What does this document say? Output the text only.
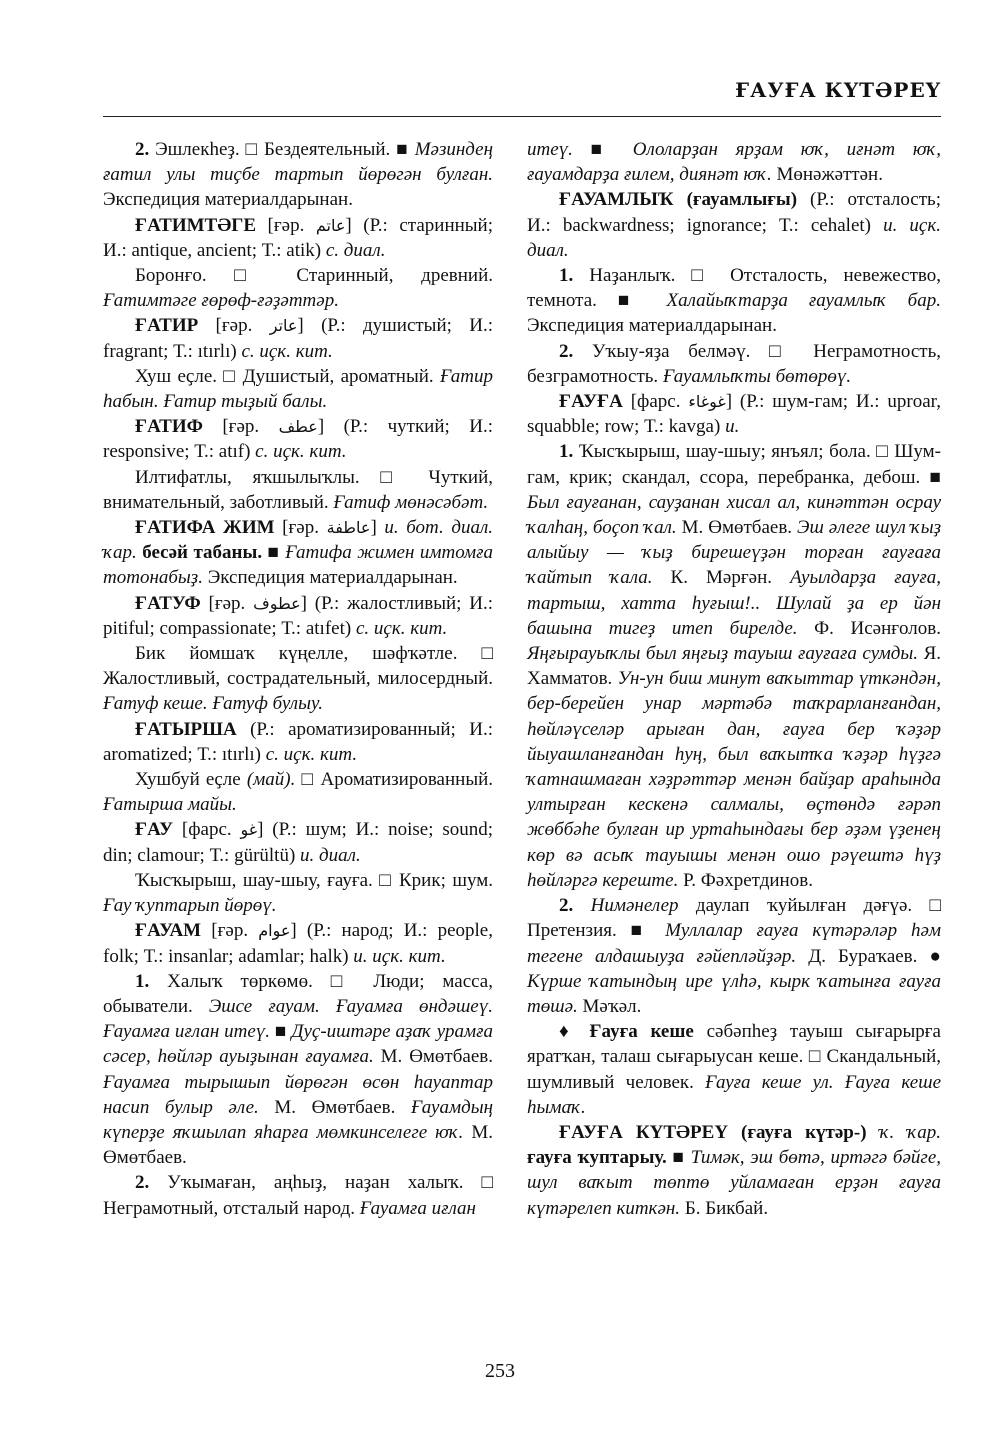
ҒАУҒА КҮТӘРЕҮ

2. Эшлекһеҙ. □ Бездеятельный. ■ Мәзиндең ғатил улы тиҫбе тартып йөрөгән булған. Экспедиция материалдарынан.

ҒАТИМТӘГЕ [ғәр. عاتم] (Р.: старинный; И.: antique, ancient; Т.: atik) с. диал.

Боронғо. □ Старинный, древний. Ғатимтәге ғөрөф-ғәҙәттәр.

ҒАТИР [ғәр. عاتر] (Р.: душистый; И.: fragrant; Т.: ıtırlı) с. иҫк. кит.

Хуш еҫле. □ Душистый, ароматный. Ғатир һабын. Ғатир тыҙый балы.

ҒАТИФ [ғәр. عطف] (Р.: чуткий; И.: responsive; Т.: atıf) с. иҫк. кит.

Илтифатлы, яҡшылыҡлы. □ Чуткий, внимательный, заботливый. Ғатиф мөнәсәбәт.

ҒАТИФА ЖИМ [ғәр. عاطفة] и. бот. диал. ҡар. бесәй табаны. ■ Ғатифа жимен имтомға тотонабыҙ. Экспедиция материалдарынан.

ҒАТУФ [ғәр. عطوف] (Р.: жалостливый; И.: pitiful; compassionate; Т.: atıfet) с. иҫк. кит.

Бик йомшаҡ күңелле, шәфҡәтле. □ Жалостливый, сострадательный, милосердный. Ғатуф кеше. Ғатуф булыу.

ҒАТЫРША (Р.: ароматизированный; И.: aromatized; Т.: ıtırlı) с. иҫк. кит.

Хушбуй еҫле (май). □ Ароматизированный. Ғатырша майы.

ҒАУ [фарс. غو] (Р.: шум; И.: noise; sound; din; clamour; Т.: gürültü) и. диал.

Ҡысҡырыш, шау-шыу, ғауға. □ Крик; шум. Ғау ҡуптарып йөрөү.

ҒАУАМ [ғәр. عوام] (Р.: народ; И.: people, folk; Т.: insanlar; adamlar; halk) и. иҫк. кит.

1. Халыҡ төркөмө. □ Люди; масса, обыватели. Эшсе ғауам. Ғауамға өндәшеү. Ғауамға иғлан итеү. ■ Дуҫ-иштәре аҙаҡ урамға сәсер, һөйләр ауыҙынан ғауамға. М. Өмөтбаев. Ғауамға тырышып йөрөгән өсөн һауаптар насип булыр әле. М. Өмөтбаев. Ғауамдың күперҙе яҡшылап яһарға мөмкинселеге юҡ. М. Өмөтбаев.

2. Уҡымаған, аңһыҙ, наҙан халыҡ. □ Неграмотный, отсталый народ. Ғауамға иғлан

итеү. ■ Ололарҙан ярҙам юҡ, иғнәт юҡ, ғауамдарҙа ғилем, диянәт юҡ. Мөнәжәттән.

ҒАУАМЛЫҠ (ғауамлығы) (Р.: отсталость; И.: backwardness; ignorance; Т.: cehalet) и. иҫк. диал.

1. Наҙанлыҡ. □ Отсталость, невежество, темнота. ■ Халайыҡтарҙа ғауамлыҡ бар. Экспедиция материалдарынан.

2. Уҡыу-яҙа белмәү. □ Неграмотность, безграмотность. Ғауамлыҡты бөтөрөү.

ҒАУҒА [фарс. غوغاء] (Р.: шум-гам; И.: uproar, squabble; row; Т.: kavga) и.

1. Ҡысҡырыш, шау-шыу; янъял; бола. □ Шум-гам, крик; скандал, ссора, перебранка, дебош. ■ Был ғауғанан, сауҙанан хисал ал, кинәттән осрау ҡалһаң, боҫоп ҡал. М. Өмөтбаев. Эш әлеге шул ҡыҙ алыйыу — ҡыҙ бирешеүҙән торған ғауғаға ҡайтып ҡала. К. Мәрғән. Ауылдарҙа ғауға, тартыш, хатта һуғыш!.. Шулай ҙа ер йән башына тигеҙ итеп бирелде. Ф. Исәнғолов. Яңғырауыҡлы был яңғыҙ тауыш ғауғаға сумды. Я. Хамматов. Ун-ун биш минут ваҡыттар үткәндән, бер-берейен унар мәртәбә таҡрарланғандан, һөйләүселәр арыған дан, ғауға бер ҡәҙәр йыуашланғандан һуң, был ваҡытҡа ҡәҙәр һүҙгә ҡатнашмаған хәҙрәттәр менән байҙар араһында ултырған кескенә салмалы, өҫтөндә ғәрәп жөббәһе булған ир уртаһындағы бер әҙәм үҙенең көр вә асыҡ тауышы менән ошо рәүештә һүҙ һөйләргә кереште. Р. Фәхретдинов.

2. Нимәнелер даулап ҡуйылған дәғүә. □ Претензия. ■ Муллалар ғауға күтәрәләр һәм тегене алдашыуҙа ғәйепләйҙәр. Д. Бураҡаев. ● Күрше ҡатындың ире үлһә, кырк ҡатынға ғауға төшә. Мәҡәл.

♦ Ғауға кеше сәбәпһеҙ тауыш сығарырға яратҡан, талаш сығарыусан кеше. □ Скандальный, шумливый человек. Ғауға кеше ул. Ғауға кеше һымаҡ.

ҒАУҒА КҮТӘРЕҮ (ғауға күтәр-) ҡ. ҡар. ғауға ҡуптарыу. ■ Тимәк, эш бөтә, иртәгә бәйге, шул ваҡыт төптө уйламаған ерҙән ғауға күтәрелеп киткән. Б. Бикбай.

253
